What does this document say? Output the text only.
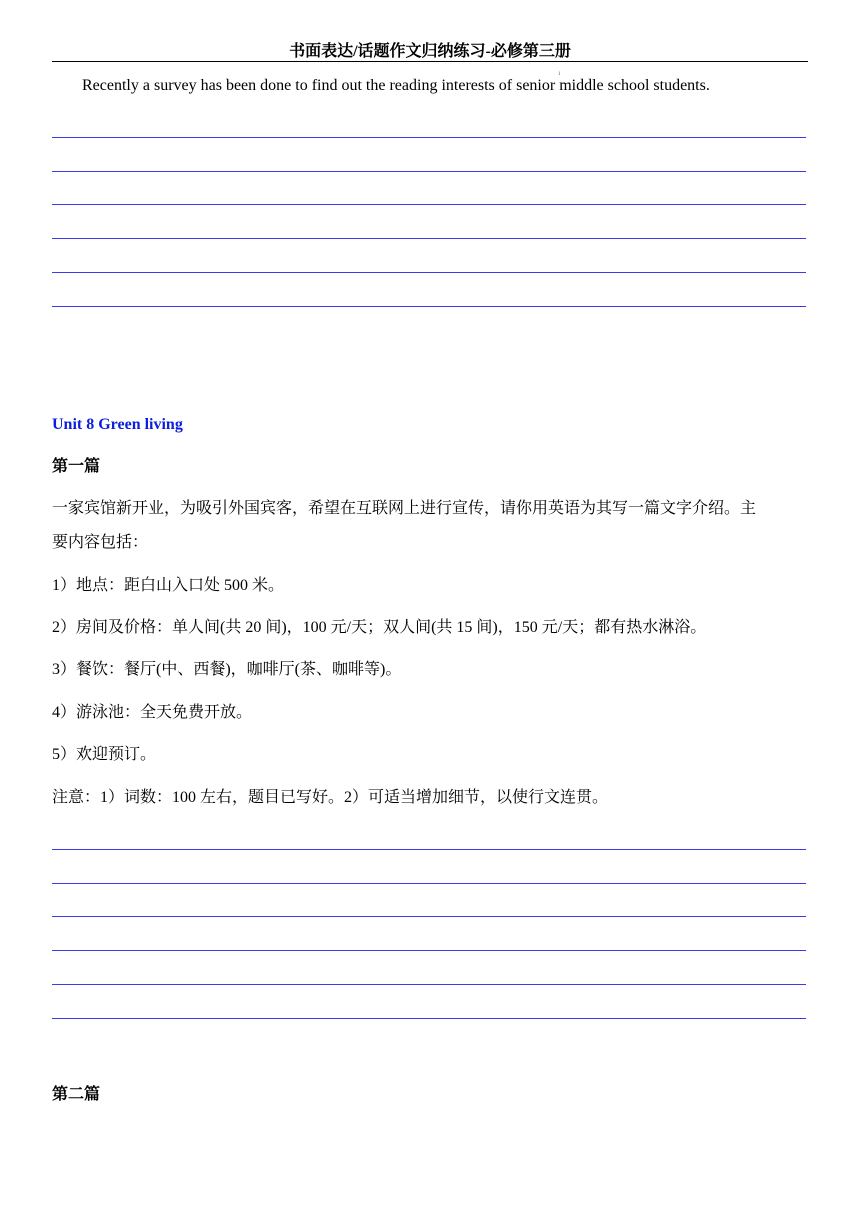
书面表达/话题作文归纳练习-必修第三册
Recently a survey has been done to find out the reading interests of senior middle school students.
1
Unit 8 Green living
第一篇
一家宾馆新开业，为吸引外国宾客，希望在互联网上进行宣传，请你用英语为其写一篇文字介绍。主
要内容包括：
1）地点：距白山入口处 500 米。
2）房间及价格：单人间(共 20 间)，100 元/天；双人间(共 15 间)，150 元/天；都有热水淋浴。
3）餐饮：餐厅(中、西餐)，咖啡厅(茶、咖啡等)。
4）游泳池：全天免费开放。
5）欢迎预订。
注意：1）词数：100 左右，题目已写好。2）可适当增加细节，以使行文连贯。
第二篇
